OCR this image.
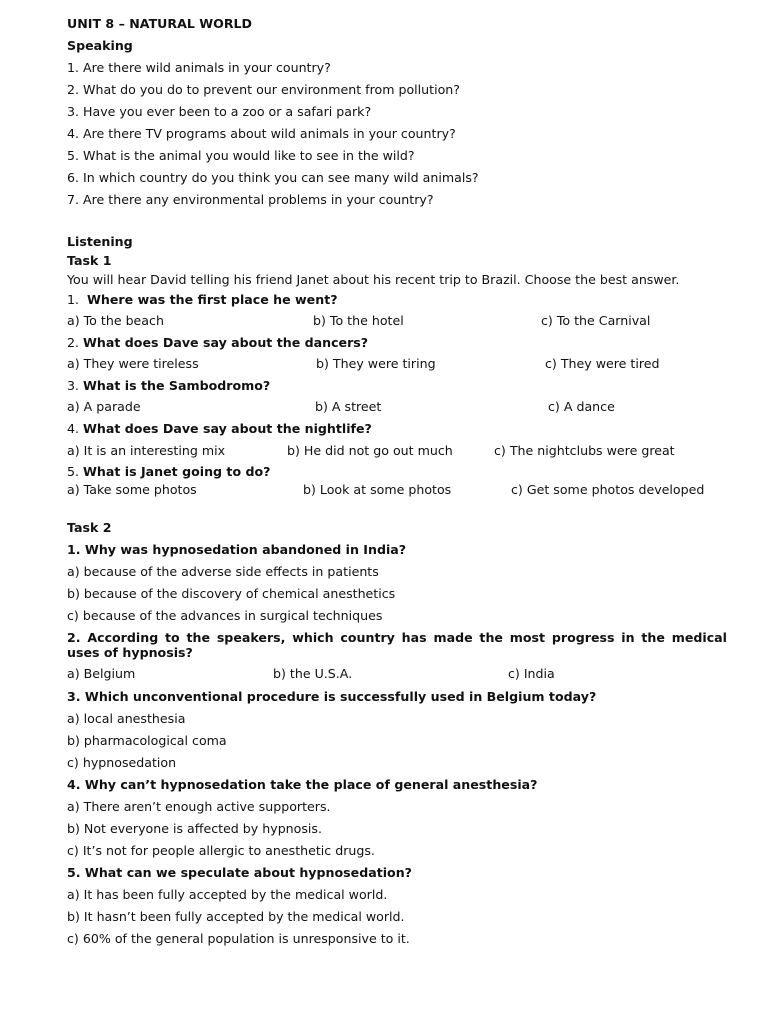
UNIT 8 – NATURAL WORLD
Speaking
1. Are there wild animals in your country?
2. What do you do to prevent our environment from pollution?
3. Have you ever been to a zoo or a safari park?
4. Are there TV programs about wild animals in your country?
5. What is the animal you would like to see in the wild?
6. In which country do you think you can see many wild animals?
7. Are there any environmental problems in your country?
Listening
Task 1
You will hear David telling his friend Janet about his recent trip to Brazil. Choose the best answer.
1.  Where was the first place he went?
a) To the beach	b) To the hotel	c) To the Carnival
2. What does Dave say about the dancers?
a) They were tireless	b) They were tiring	c) They were tired
3. What is the Sambodromo?
a) A parade	b) A street	c) A dance
4. What does Dave say about the nightlife?
a) It is an interesting mix	b) He did not go out much	c) The nightclubs were great
5. What is Janet going to do?
a) Take some photos	b) Look at some photos	c) Get some photos developed
Task 2
1. Why was hypnosedation abandoned in India?
a) because of the adverse side effects in patients
b) because of the discovery of chemical anesthetics
c) because of the advances in surgical techniques
2. According to the speakers, which country has made the most progress in the medical uses of hypnosis?
a) Belgium	b) the U.S.A.	c) India
3. Which unconventional procedure is successfully used in Belgium today?
a) local anesthesia
b) pharmacological coma
c) hypnosedation
4. Why can’t hypnosedation take the place of general anesthesia?
a) There aren’t enough active supporters.
b) Not everyone is affected by hypnosis.
c) It’s not for people allergic to anesthetic drugs.
5. What can we speculate about hypnosedation?
a) It has been fully accepted by the medical world.
b) It hasn’t been fully accepted by the medical world.
c) 60% of the general population is unresponsive to it.
